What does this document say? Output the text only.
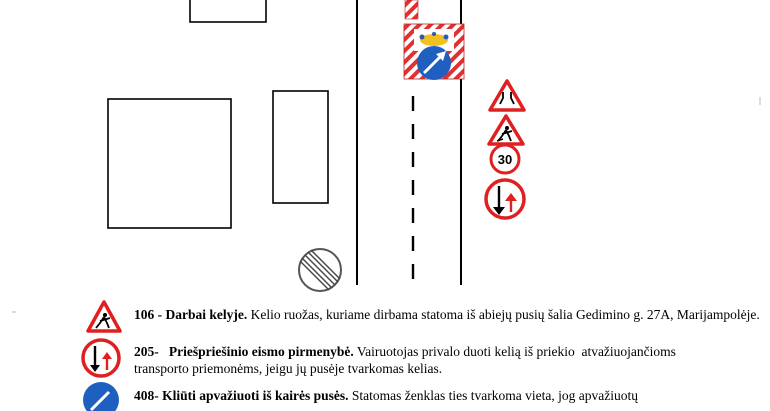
30
106 - Darbai kelyje. Kelio ruožas, kuriame dirbama statoma iš abiejų pusių šalia Gedimino g. 27A, Marijampolėje.
205-   Priešpriešinio eismo pirmenybė. Vairuotojas privalo duoti kelią iš priekio  atvažiuojančioms
transporto priemonėms, jeigu jų pusėje tvarkomas kelias.
408- Kliūti apvažiuoti iš kairės pusės. Statomas ženklas ties tvarkoma vieta, jog apvažiuotų
